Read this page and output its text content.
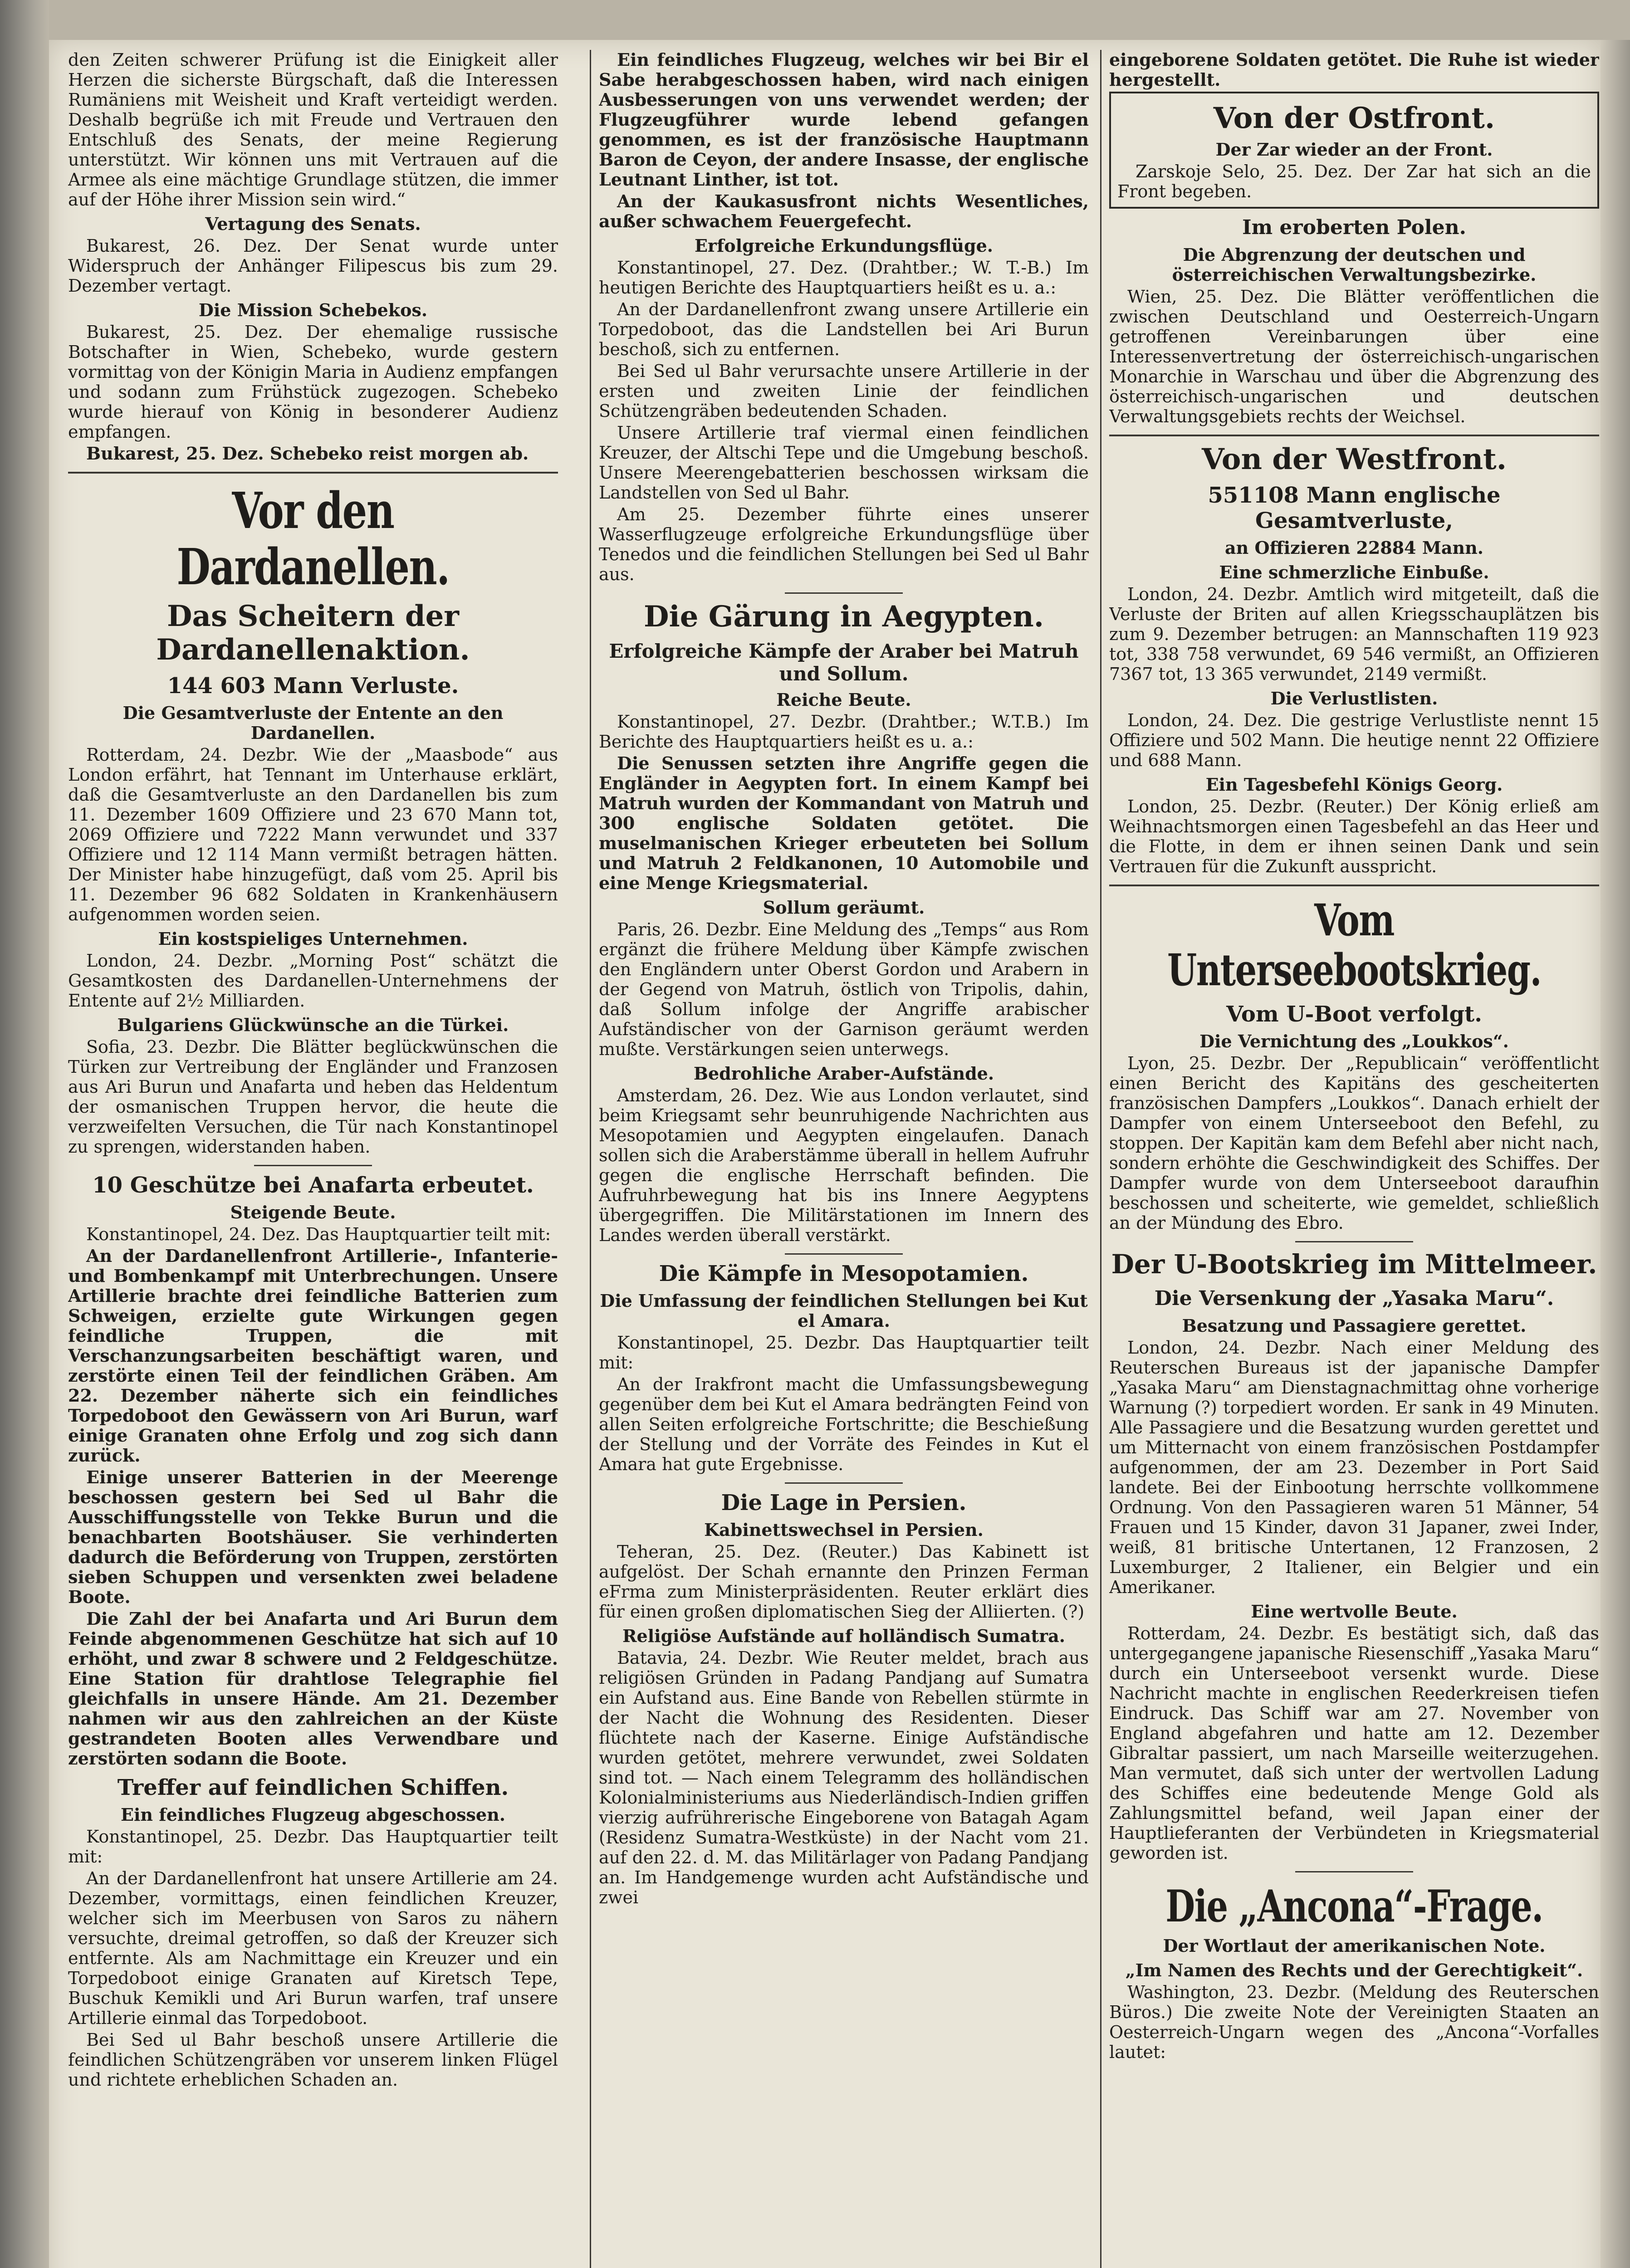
den Zeiten schwerer Prüfung ist die Einigkeit aller Herzen die sicherste Bürgschaft, daß die Interessen Rumäniens mit Weisheit und Kraft verteidigt werden. Deshalb begrüße ich mit Freude und Vertrauen den Entschluß des Senats, der meine Regierung unterstützt. Wir können uns mit Vertrauen auf die Armee als eine mächtige Grundlage stützen, die immer auf der Höhe ihrer Mission sein wird.“

Vertagung des Senats.

Bukarest, 26. Dez. Der Senat wurde unter Widerspruch der Anhänger Filipescus bis zum 29. Dezember vertagt.

Die Mission Schebekos.

Bukarest, 25. Dez. Der ehemalige russische Botschafter in Wien, Schebeko, wurde gestern vormittag von der Königin Maria in Audienz empfangen und sodann zum Frühstück zugezogen. Schebeko wurde hierauf von König in besonderer Audienz empfangen.

Bukarest, 25. Dez. Schebeko reist morgen ab.

Vor den Dardanellen.
Das Scheitern der Dardanellenaktion.
144 603 Mann Verluste.
Die Gesamtverluste der Entente an den Dardanellen.

Rotterdam, 24. Dezbr. Wie der „Maasbode“ aus London erfährt, hat Tennant im Unterhause erklärt, daß die Gesamtverluste an den Dardanellen bis zum 11. Dezember 1609 Offiziere und 23 670 Mann tot, 2069 Offiziere und 7222 Mann verwundet und 337 Offiziere und 12 114 Mann vermißt betragen hätten. Der Minister habe hinzugefügt, daß vom 25. April bis 11. Dezember 96 682 Soldaten in Krankenhäusern aufgenommen worden seien.

Ein kostspieliges Unternehmen.

London, 24. Dezbr. „Morning Post“ schätzt die Gesamtkosten des Dardanellen-Unternehmens der Entente auf 2½ Milliarden.

Bulgariens Glückwünsche an die Türkei.

Sofia, 23. Dezbr. Die Blätter beglückwünschen die Türken zur Vertreibung der Engländer und Franzosen aus Ari Burun und Anafarta und heben das Heldentum der osmanischen Truppen hervor, die heute die verzweifelten Versuchen, die Tür nach Konstantinopel zu sprengen, widerstanden haben.

10 Geschütze bei Anafarta erbeutet.
Steigende Beute.

Konstantinopel, 24. Dez. Das Hauptquartier teilt mit:

An der Dardanellenfront Artillerie-, Infanterie- und Bombenkampf mit Unterbrechungen. Unsere Artillerie brachte drei feindliche Batterien zum Schweigen, erzielte gute Wirkungen gegen feindliche Truppen, die mit Verschanzungsarbeiten beschäftigt waren, und zerstörte einen Teil der feindlichen Gräben. Am 22. Dezember näherte sich ein feindliches Torpedoboot den Gewässern von Ari Burun, warf einige Granaten ohne Erfolg und zog sich dann zurück.

Einige unserer Batterien in der Meerenge beschossen gestern bei Sed ul Bahr die Ausschiffungsstelle von Tekke Burun und die benachbarten Bootshäuser. Sie verhinderten dadurch die Beförderung von Truppen, zerstörten sieben Schuppen und versenkten zwei beladene Boote.

Die Zahl der bei Anafarta und Ari Burun dem Feinde abgenommenen Geschütze hat sich auf 10 erhöht, und zwar 8 schwere und 2 Feldgeschütze. Eine Station für drahtlose Telegraphie fiel gleichfalls in unsere Hände. Am 21. Dezember nahmen wir aus den zahlreichen an der Küste gestrandeten Booten alles Verwendbare und zerstörten sodann die Boote.

Treffer auf feindlichen Schiffen.
Ein feindliches Flugzeug abgeschossen.

Konstantinopel, 25. Dezbr. Das Hauptquartier teilt mit:

An der Dardanellenfront hat unsere Artillerie am 24. Dezember, vormittags, einen feindlichen Kreuzer, welcher sich im Meerbusen von Saros zu nähern versuchte, dreimal getroffen, so daß der Kreuzer sich entfernte. Als am Nachmittage ein Kreuzer und ein Torpedoboot einige Granaten auf Kiretsch Tepe, Buschuk Kemikli und Ari Burun warfen, traf unsere Artillerie einmal das Torpedoboot.

Bei Sed ul Bahr beschoß unsere Artillerie die feindlichen Schützengräben vor unserem linken Flügel und richtete erheblichen Schaden an.

Ein feindliches Flugzeug, welches wir bei Bir el Sabe herabgeschossen haben, wird nach einigen Ausbesserungen von uns verwendet werden; der Flugzeugführer wurde lebend gefangen genommen, es ist der französische Hauptmann Baron de Ceyon, der andere Insasse, der englische Leutnant Linther, ist tot.

An der Kaukasusfront nichts Wesentliches, außer schwachem Feuergefecht.

Erfolgreiche Erkundungsflüge.

Konstantinopel, 27. Dez. (Drahtber.; W. T.-B.) Im heutigen Berichte des Hauptquartiers heißt es u. a.:

An der Dardanellenfront zwang unsere Artillerie ein Torpedoboot, das die Landstellen bei Ari Burun beschoß, sich zu entfernen.

Bei Sed ul Bahr verursachte unsere Artillerie in der ersten und zweiten Linie der feindlichen Schützengräben bedeutenden Schaden.

Unsere Artillerie traf viermal einen feindlichen Kreuzer, der Altschi Tepe und die Umgebung beschoß. Unsere Meerengebatterien beschossen wirksam die Landstellen von Sed ul Bahr.

Am 25. Dezember führte eines unserer Wasserflugzeuge erfolgreiche Erkundungsflüge über Tenedos und die feindlichen Stellungen bei Sed ul Bahr aus.

Die Gärung in Aegypten.
Erfolgreiche Kämpfe der Araber bei Matruh und Sollum.
Reiche Beute.

Konstantinopel, 27. Dezbr. (Drahtber.; W.T.B.) Im Berichte des Hauptquartiers heißt es u. a.:

Die Senussen setzten ihre Angriffe gegen die Engländer in Aegypten fort. In einem Kampf bei Matruh wurden der Kommandant von Matruh und 300 englische Soldaten getötet. Die muselmanischen Krieger erbeuteten bei Sollum und Matruh 2 Feldkanonen, 10 Automobile und eine Menge Kriegsmaterial.

Sollum geräumt.

Paris, 26. Dezbr. Eine Meldung des „Temps“ aus Rom ergänzt die frühere Meldung über Kämpfe zwischen den Engländern unter Oberst Gordon und Arabern in der Gegend von Matruh, östlich von Tripolis, dahin, daß Sollum infolge der Angriffe arabischer Aufständischer von der Garnison geräumt werden mußte. Verstärkungen seien unterwegs.

Bedrohliche Araber-Aufstände.

Amsterdam, 26. Dez. Wie aus London verlautet, sind beim Kriegsamt sehr beunruhigende Nachrichten aus Mesopotamien und Aegypten eingelaufen. Danach sollen sich die Araberstämme überall in hellem Aufruhr gegen die englische Herrschaft befinden. Die Aufruhrbewegung hat bis ins Innere Aegyptens übergegriffen. Die Militärstationen im Innern des Landes werden überall verstärkt.

Die Kämpfe in Mesopotamien.
Die Umfassung der feindlichen Stellungen bei Kut el Amara.

Konstantinopel, 25. Dezbr. Das Hauptquartier teilt mit:

An der Irakfront macht die Umfassungsbewegung gegenüber dem bei Kut el Amara bedrängten Feind von allen Seiten erfolgreiche Fortschritte; die Beschießung der Stellung und der Vorräte des Feindes in Kut el Amara hat gute Ergebnisse.

Die Lage in Persien.
Kabinettswechsel in Persien.

Teheran, 25. Dez. (Reuter.) Das Kabinett ist aufgelöst. Der Schah ernannte den Prinzen Ferman eFrma zum Ministerpräsidenten. Reuter erklärt dies für einen großen diplomatischen Sieg der Alliierten. (?)

Religiöse Aufstände auf holländisch Sumatra.

Batavia, 24. Dezbr. Wie Reuter meldet, brach aus religiösen Gründen in Padang Pandjang auf Sumatra ein Aufstand aus. Eine Bande von Rebellen stürmte in der Nacht die Wohnung des Residenten. Dieser flüchtete nach der Kaserne. Einige Aufständische wurden getötet, mehrere verwundet, zwei Soldaten sind tot. — Nach einem Telegramm des holländischen Kolonialministeriums aus Niederländisch-Indien griffen vierzig aufrührerische Eingeborene von Batagah Agam (Residenz Sumatra-Westküste) in der Nacht vom 21. auf den 22. d. M. das Militärlager von Padang Pandjang an. Im Handgemenge wurden acht Aufständische und zwei

eingeborene Soldaten getötet. Die Ruhe ist wieder hergestellt.

Von der Ostfront.
Der Zar wieder an der Front.

Zarskoje Selo, 25. Dez. Der Zar hat sich an die Front begeben.

Im eroberten Polen.
Die Abgrenzung der deutschen und österreichischen Verwaltungsbezirke.

Wien, 25. Dez. Die Blätter veröffentlichen die zwischen Deutschland und Oesterreich-Ungarn getroffenen Vereinbarungen über eine Interessenvertretung der österreichisch-ungarischen Monarchie in Warschau und über die Abgrenzung des österreichisch-ungarischen und deutschen Verwaltungsgebiets rechts der Weichsel.

Von der Westfront.
551108 Mann englische Gesamtverluste,
an Offizieren 22884 Mann.
Eine schmerzliche Einbuße.

London, 24. Dezbr. Amtlich wird mitgeteilt, daß die Verluste der Briten auf allen Kriegsschauplätzen bis zum 9. Dezember betrugen: an Mannschaften 119 923 tot, 338 758 verwundet, 69 546 vermißt, an Offizieren 7367 tot, 13 365 verwundet, 2149 vermißt.

Die Verlustlisten.

London, 24. Dez. Die gestrige Verlustliste nennt 15 Offiziere und 502 Mann. Die heutige nennt 22 Offiziere und 688 Mann.

Ein Tagesbefehl Königs Georg.

London, 25. Dezbr. (Reuter.) Der König erließ am Weihnachtsmorgen einen Tagesbefehl an das Heer und die Flotte, in dem er ihnen seinen Dank und sein Vertrauen für die Zukunft ausspricht.

Vom Unterseebootskrieg.
Vom U-Boot verfolgt.
Die Vernichtung des „Loukkos“.

Lyon, 25. Dezbr. Der „Republicain“ veröffentlicht einen Bericht des Kapitäns des gescheiterten französischen Dampfers „Loukkos“. Danach erhielt der Dampfer von einem Unterseeboot den Befehl, zu stoppen. Der Kapitän kam dem Befehl aber nicht nach, sondern erhöhte die Geschwindigkeit des Schiffes. Der Dampfer wurde von dem Unterseeboot daraufhin beschossen und scheiterte, wie gemeldet, schließlich an der Mündung des Ebro.

Der U-Bootskrieg im Mittelmeer.
Die Versenkung der „Yasaka Maru“.
Besatzung und Passagiere gerettet.

London, 24. Dezbr. Nach einer Meldung des Reuterschen Bureaus ist der japanische Dampfer „Yasaka Maru“ am Dienstagnachmittag ohne vorherige Warnung (?) torpediert worden. Er sank in 49 Minuten. Alle Passagiere und die Besatzung wurden gerettet und um Mitternacht von einem französischen Postdampfer aufgenommen, der am 23. Dezember in Port Said landete. Bei der Einbootung herrschte vollkommene Ordnung. Von den Passagieren waren 51 Männer, 54 Frauen und 15 Kinder, davon 31 Japaner, zwei Inder, weiß, 81 britische Untertanen, 12 Franzosen, 2 Luxemburger, 2 Italiener, ein Belgier und ein Amerikaner.

Eine wertvolle Beute.

Rotterdam, 24. Dezbr. Es bestätigt sich, daß das untergegangene japanische Riesenschiff „Yasaka Maru“ durch ein Unterseeboot versenkt wurde. Diese Nachricht machte in englischen Reederkreisen tiefen Eindruck. Das Schiff war am 27. November von England abgefahren und hatte am 12. Dezember Gibraltar passiert, um nach Marseille weiterzugehen. Man vermutet, daß sich unter der wertvollen Ladung des Schiffes eine bedeutende Menge Gold als Zahlungsmittel befand, weil Japan einer der Hauptlieferanten der Verbündeten in Kriegsmaterial geworden ist.

Die „Ancona“-Frage.
Der Wortlaut der amerikanischen Note.
„Im Namen des Rechts und der Gerechtigkeit“.

Washington, 23. Dezbr. (Meldung des Reuterschen Büros.) Die zweite Note der Vereinigten Staaten an Oesterreich-Ungarn wegen des „Ancona“-Vorfalles lautet:
